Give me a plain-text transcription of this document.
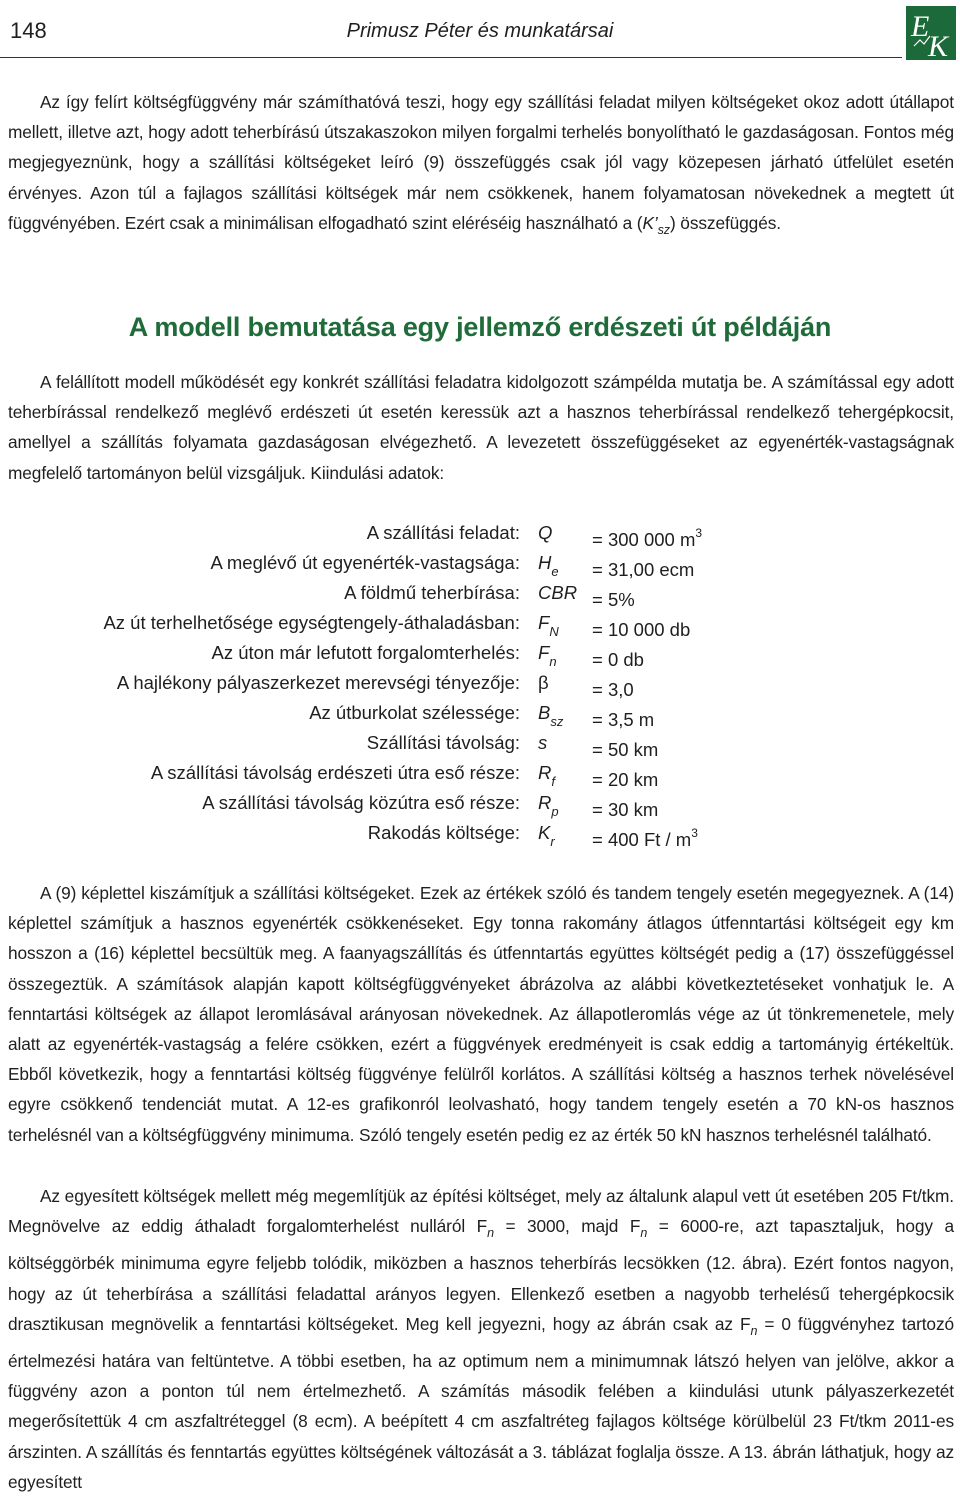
148	Primusz Péter és munkatársai	E
K

Az így felírt költségfüggvény már számíthatóvá teszi, hogy egy szállítási feladat milyen költségeket okoz adott útállapot mellett, illetve azt, hogy adott teherbírású útszakaszokon milyen forgalmi terhelés bonyolítható le gazdaságosan. Fontos még megjegyeznünk, hogy a szállítási költségeket leíró (9) összefüggés csak jól vagy közepesen járható útfelület esetén érvényes. Azon túl a fajlagos szállítási költségek már nem csökkenek, hanem folyamatosan növekednek a megtett út függvényében. Ezért csak a minimálisan elfogadható szint eléréséig használható a $(K’_{sz})$ összefüggés.

A modell bemutatása egy jellemző erdészeti út példáján

A felállított modell működését egy konkrét szállítási feladatra kidolgozott számpélda mutatja be. A számítással egy adott teherbírással rendelkező meglévő erdészeti út esetén keressük azt a hasznos teherbírással rendelkező tehergépkocsit, amellyel a szállítás folyamata gazdaságosan elvégezhető. A levezetett összefüggéseket az egyenérték-vastagságnak megfelelő tartományon belül vizsgáljuk. Kiindulási adatok:

A szállítási feladat: Q = 300 000 $m^3$
A meglévő út egyenérték-vastagsága: $H_e = 31,00$ ecm
A földmű teherbírása: CBR = 5%
Az út terhelhetősége egységtengely-áthaladásban: $F_N = 10$ 000 db
Az úton már lefutott forgalomterhelés: $F_n = 0$ db
A hajlékony pályaszerkezet merevségi tényezője: β = 3,0
Az útburkolat szélessége: $B_{sz} = 3,5$ m
Szállítási távolság: s = 50 km
A szállítási távolság erdészeti útra eső része: $R_f = 20$ km
A szállítási távolság közútra eső része: $R_p = 30$ km
Rakodás költsége: $K_r = 400$ Ft / $m^3$

A (9) képlettel kiszámítjuk a szállítási költségeket. Ezek az értékek szóló és tandem tengely esetén megegyeznek. A (14) képlettel számítjuk a hasznos egyenérték csökkenéseket. Egy tonna rakomány átlagos útfenntartási költségeit egy km hosszon a (16) képlettel becsültük meg. A faanyagszállítás és útfenntartás együttes költségét pedig a (17) összefüggéssel összegeztük. A számítások alapján kapott költségfüggvényeket ábrázolva az alábbi következtetéseket vonhatjuk le. A fenntartási költségek az állapot leromlásával arányosan növekednek. Az állapotleromlás vége az út tönkremenetele, mely alatt az egyenérték-vastagság a felére csökken, ezért a függvények eredményeit is csak eddig a tartományig értékeltük. Ebből következik, hogy a fenntartási költség függvénye felülről korlátos. A szállítási költség a hasznos terhek növelésével egyre csökkenő tendenciát mutat. A 12-es grafikonról leolvasható, hogy tandem tengely esetén a 70 kN-os hasznos terhelésnél van a költségfüggvény minimuma. Szóló tengely esetén pedig ez az érték 50 kN hasznos terhelésnél található.

Az egyesített költségek mellett még megemlítjük az építési költséget, mely az általunk alapul vett út esetében 205 Ft/tkm. Megnövelve az eddig áthaladt forgalomterhelést nulláról $F_n = 3000$, majd $F_n = 6000-re$, azt tapasztaljuk, hogy a költséggörbék minimuma egyre feljebb tolódik, miközben a hasznos teherbírás lecsökken (12. ábra). Ezért fontos nagyon, hogy az út teherbírása a szállítási feladattal arányos legyen. Ellenkező esetben a nagyobb terhelésű tehergépkocsik drasztikusan megnövelik a fenntartási költségeket. Meg kell jegyezni, hogy az ábrán csak az $F_n = 0$ függvényhez tartozó értelmezési határa van feltüntetve. A többi esetben, ha az optimum nem a minimumnak látszó helyen van jelölve, akkor a függvény azon a ponton túl nem értelmezhető. A számítás második felében a kiindulási utunk pályaszerkezetét megerősítettük 4 cm aszfaltréteggel (8 ecm). A beépített 4 cm aszfaltréteg fajlagos költsége körülbelül 23 Ft/tkm 2011-es árszinten. A szállítás és fenntartás együttes költségének változását a 3. táblázat foglalja össze. A 13. ábrán láthatjuk, hogy az egyesített
